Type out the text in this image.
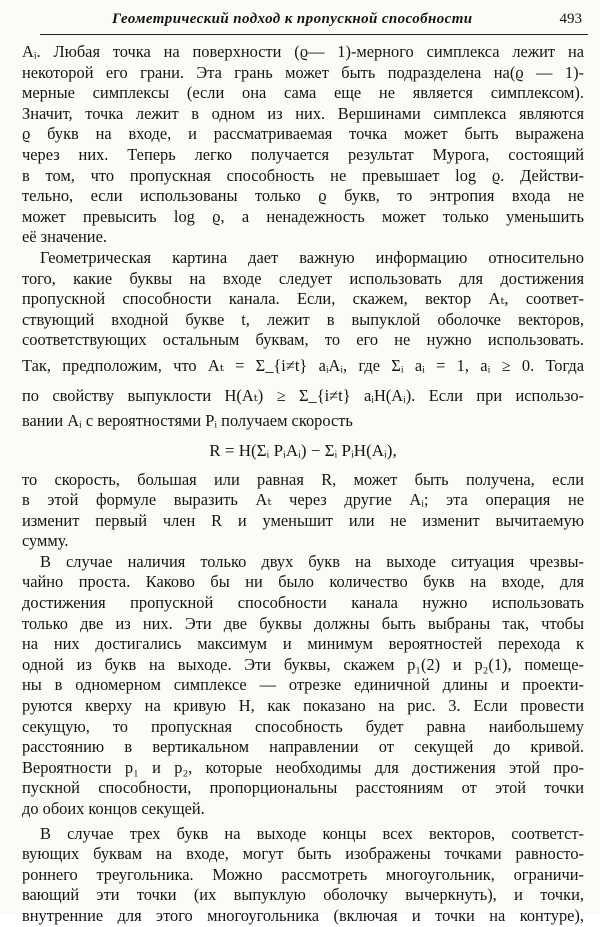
Геометрический подход к пропускной способности	493
Aᵢ. Любая точка на поверхности (ϱ— 1)-мерного симплекса лежит на
некоторой его грани. Эта грань может быть подразделена на(ϱ — 1)-
мерные симплексы (если она сама еще не является симплексом).
Значит, точка лежит в одном из них. Вершинами симплекса являются
ϱ букв на входе, и рассматриваемая точка может быть выражена
через них. Теперь легко получается результат Мурога, состоящий
в том, что пропускная способность не превышает log ϱ. Действи-
тельно, если использованы только ϱ букв, то энтропия входа не
может превысить log ϱ, а ненадежность может только уменьшить
её значение.
Геометрическая картина дает важную информацию относительно
того, какие буквы на входе следует использовать для достижения
пропускной способности канала. Если, скажем, вектор Aₜ, соответ-
ствующий входной букве t, лежит в выпуклой оболочке векторов,
соответствующих остальным буквам, то его не нужно использовать.
Так, предположим, что Aₜ = Σ_{i≠t} aᵢAᵢ, где Σᵢ aᵢ = 1, aᵢ ≥ 0. Тогда
по свойству выпуклости H(Aₜ) ≥ Σ_{i≠t} aᵢH(Aᵢ). Если при использо-
вании Aᵢ с вероятностями Pᵢ получаем скорость
R = H(Σᵢ PᵢAᵢ) − Σᵢ PᵢH(Aᵢ),
то скорость, большая или равная R, может быть получена, если
в этой формуле выразить Aₜ через другие Aᵢ; эта операция не
изменит первый член R и уменьшит или не изменит вычитаемую
сумму.
В случае наличия только двух букв на выходе ситуация чрезвы-
чайно проста. Каково бы ни было количество букв на входе, для
достижения пропускной способности канала нужно использовать
только две из них. Эти две буквы должны быть выбраны так, чтобы
на них достигались максимум и минимум вероятностей перехода к
одной из букв на выходе. Эти буквы, скажем p₁(2) и p₂(1), помеще-
ны в одномерном симплексе — отрезке единичной длины и проекти-
руются кверху на кривую H, как показано на рис. 3. Если провести
секущую, то пропускная способность будет равна наибольшему
расстоянию в вертикальном направлении от секущей до кривой.
Вероятности p₁ и p₂, которые необходимы для достижения этой про-
пускной способности, пропорциональны расстояниям от этой точки
до обоих концов секущей.
В случае трех букв на выходе концы всех векторов, соответст-
вующих буквам на входе, могут быть изображены точками равносто-
роннего треугольника. Можно рассмотреть многоугольник, ограничи-
вающий эти точки (их выпуклую оболочку вычеркнуть), и точки,
внутренние для этого многоугольника (включая и точки на контуре),
